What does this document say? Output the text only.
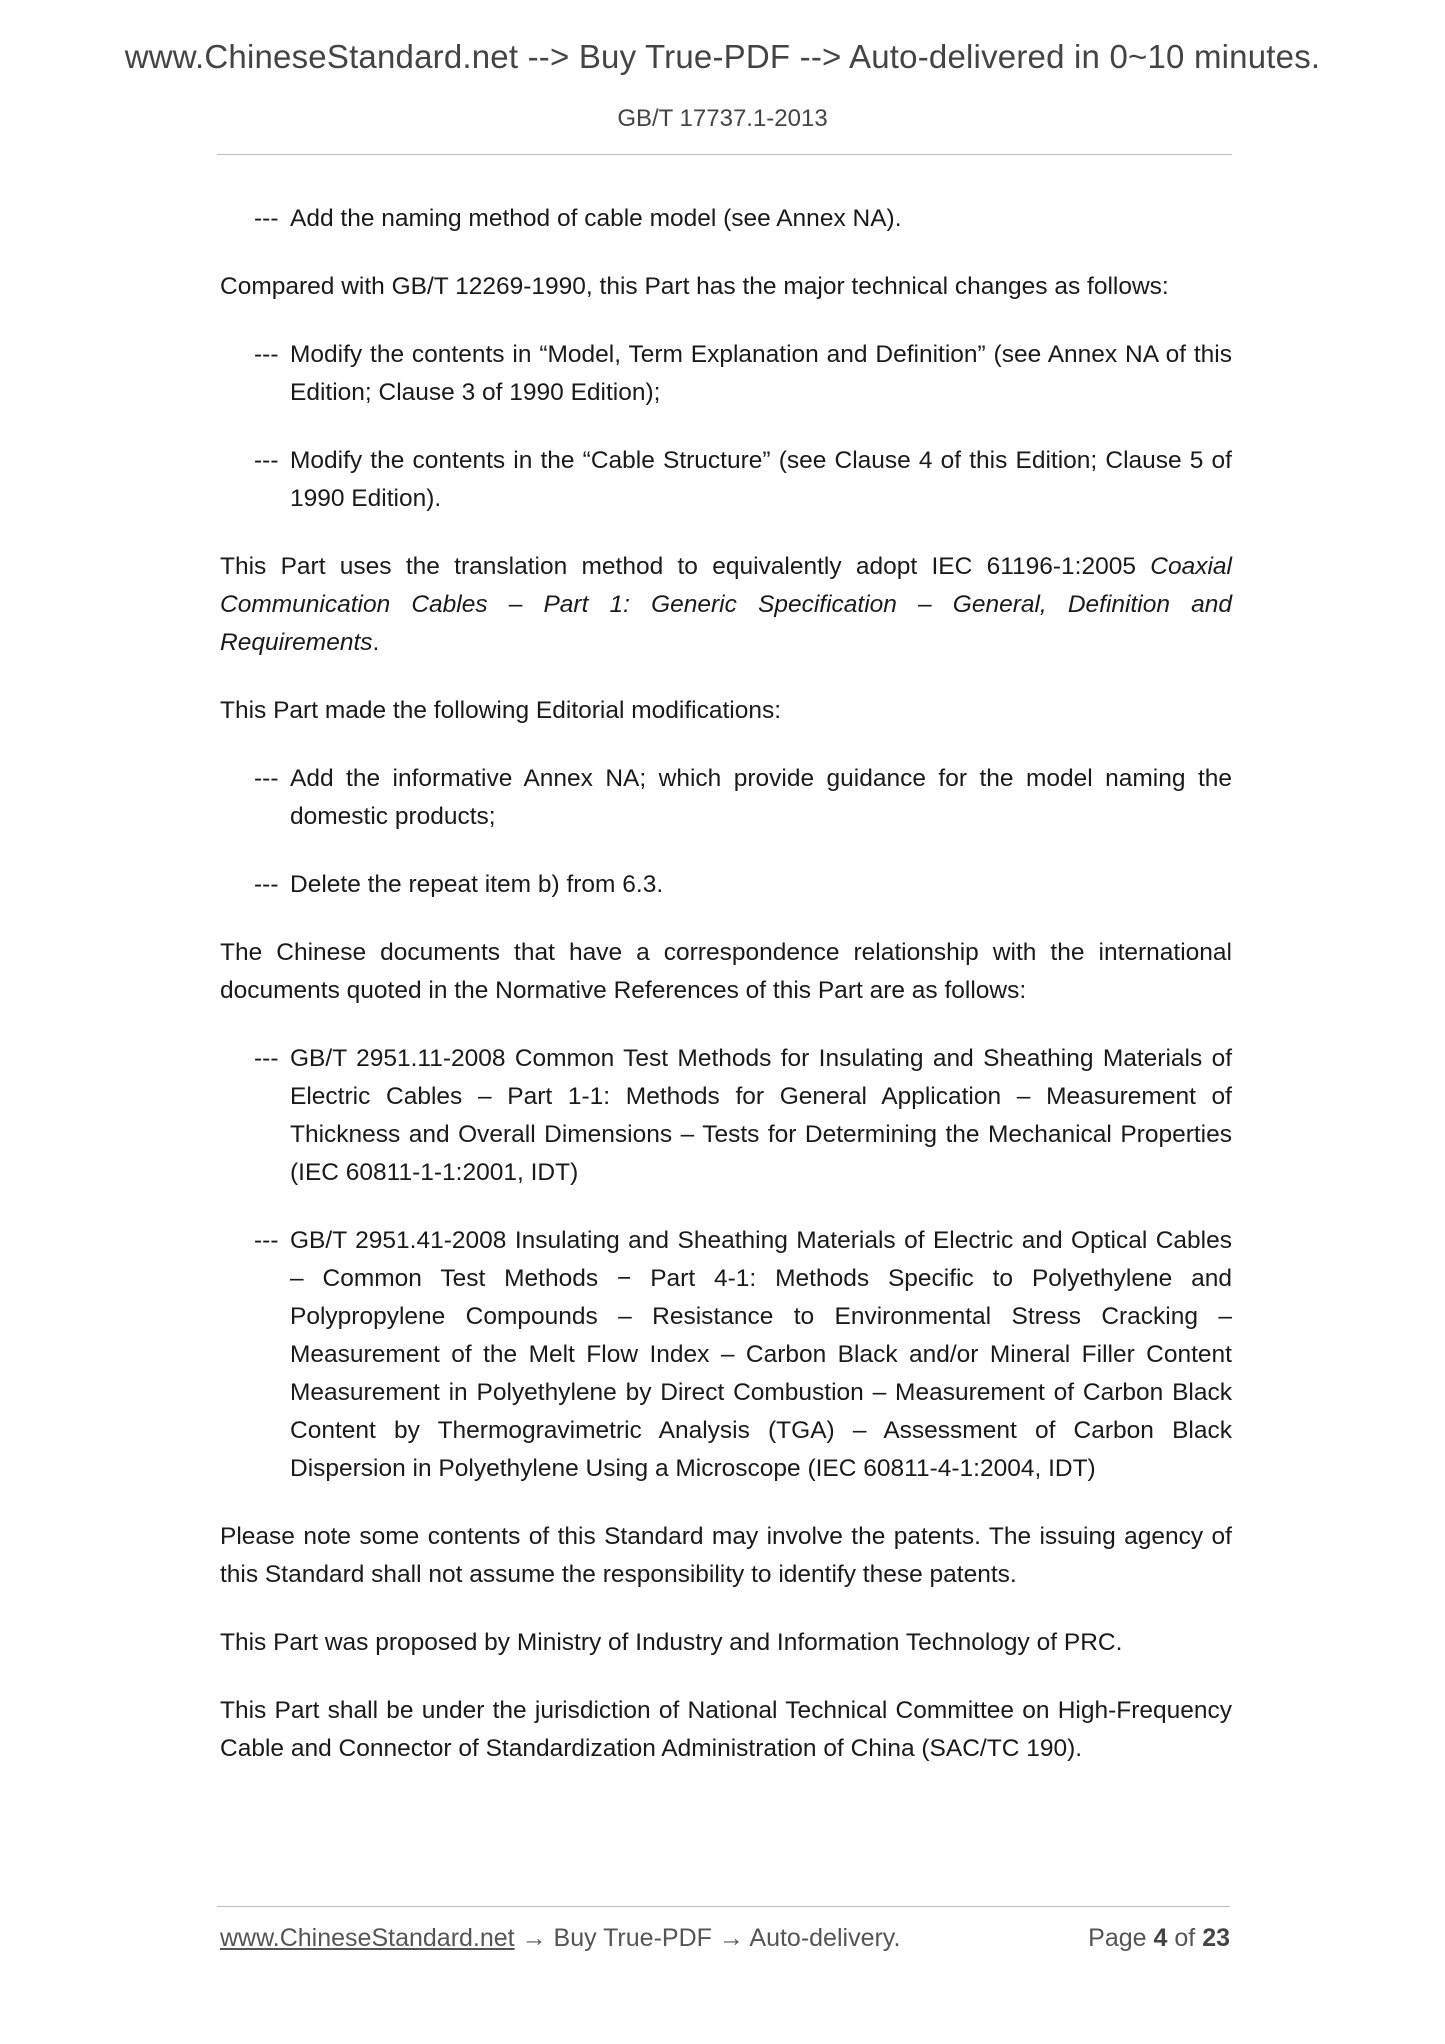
www.ChineseStandard.net --> Buy True-PDF --> Auto-delivered in 0~10 minutes.
GB/T 17737.1-2013

--- Add the naming method of cable model (see Annex NA).

Compared with GB/T 12269-1990, this Part has the major technical changes as follows:

--- Modify the contents in “Model, Term Explanation and Definition” (see Annex NA of this Edition; Clause 3 of 1990 Edition);

--- Modify the contents in the “Cable Structure” (see Clause 4 of this Edition; Clause 5 of 1990 Edition).

This Part uses the translation method to equivalently adopt IEC 61196-1:2005 Coaxial Communication Cables – Part 1: Generic Specification – General, Definition and Requirements.

This Part made the following Editorial modifications:

--- Add the informative Annex NA; which provide guidance for the model naming the domestic products;

--- Delete the repeat item b) from 6.3.

The Chinese documents that have a correspondence relationship with the international documents quoted in the Normative References of this Part are as follows:

--- GB/T 2951.11-2008 Common Test Methods for Insulating and Sheathing Materials of Electric Cables – Part 1-1: Methods for General Application – Measurement of Thickness and Overall Dimensions – Tests for Determining the Mechanical Properties (IEC 60811-1-1:2001, IDT)

--- GB/T 2951.41-2008 Insulating and Sheathing Materials of Electric and Optical Cables – Common Test Methods − Part 4-1: Methods Specific to Polyethylene and Polypropylene Compounds – Resistance to Environmental Stress Cracking – Measurement of the Melt Flow Index – Carbon Black and/or Mineral Filler Content Measurement in Polyethylene by Direct Combustion – Measurement of Carbon Black Content by Thermogravimetric Analysis (TGA) – Assessment of Carbon Black Dispersion in Polyethylene Using a Microscope (IEC 60811-4-1:2004, IDT)

Please note some contents of this Standard may involve the patents. The issuing agency of this Standard shall not assume the responsibility to identify these patents.

This Part was proposed by Ministry of Industry and Information Technology of PRC.

This Part shall be under the jurisdiction of National Technical Committee on High-Frequency Cable and Connector of Standardization Administration of China (SAC/TC 190).

www.ChineseStandard.net → Buy True-PDF → Auto-delivery.	Page 4 of 23
